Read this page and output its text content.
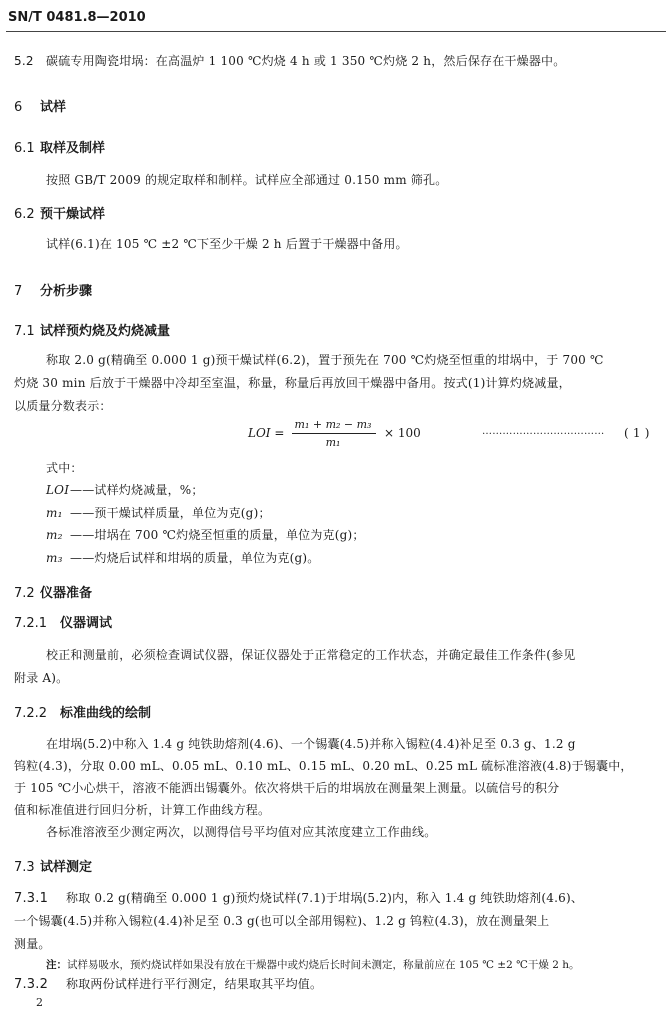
SN/T 0481.8—2010
5.2 碳硫专用陶瓷坩埚：在高温炉 1 100 ℃灼烧 4 h 或 1 350 ℃灼烧 2 h，然后保存在干燥器中。
6 试样
6.1 取样及制样
按照 GB/T 2009 的规定取样和制样。试样应全部通过 0.150 mm 筛孔。
6.2 预干燥试样
试样(6.1)在 105 ℃ ±2 ℃下至少干燥 2 h 后置于干燥器中备用。
7 分析步骤
7.1 试样预灼烧及灼烧减量
称取 2.0 g(精确至 0.000 1 g)预干燥试样(6.2)，置于预先在 700 ℃灼烧至恒重的坩埚中，于 700 ℃
灼烧 30 min 后放于干燥器中冷却至室温，称量，称量后再放回干燥器中备用。按式(1)计算灼烧减量，
以质量分数表示：
LOI =
m₁ + m₂ − m₃
m₁
× 100	……………………………… ( 1 )
式中：
LOI——试样灼烧减量，%；
m₁ ——预干燥试样质量，单位为克(g)；
m₂ ——坩埚在 700 ℃灼烧至恒重的质量，单位为克(g)；
m₃ ——灼烧后试样和坩埚的质量，单位为克(g)。
7.2 仪器准备
7.2.1 仪器调试
校正和测量前，必须检查调试仪器，保证仪器处于正常稳定的工作状态，并确定最佳工作条件(参见
附录 A)。
7.2.2 标准曲线的绘制
在坩埚(5.2)中称入 1.4 g 纯铁助熔剂(4.6)、一个锡囊(4.5)并称入锡粒(4.4)补足至 0.3 g、1.2 g
钨粒(4.3)，分取 0.00 mL、0.05 mL、0.10 mL、0.15 mL、0.20 mL、0.25 mL 硫标准溶液(4.8)于锡囊中，
于 105 ℃小心烘干，溶液不能洒出锡囊外。依次将烘干后的坩埚放在测量架上测量。以硫信号的积分
值和标准值进行回归分析，计算工作曲线方程。
各标准溶液至少测定两次，以测得信号平均值对应其浓度建立工作曲线。
7.3 试样测定
7.3.1 称取 0.2 g(精确至 0.000 1 g)预灼烧试样(7.1)于坩埚(5.2)内，称入 1.4 g 纯铁助熔剂(4.6)、
一个锡囊(4.5)并称入锡粒(4.4)补足至 0.3 g(也可以全部用锡粒)、1.2 g 钨粒(4.3)，放在测量架上
测量。
注：试样易吸水，预灼烧试样如果没有放在干燥器中或灼烧后长时间未测定，称量前应在 105 ℃ ±2 ℃干燥 2 h。
7.3.2 称取两份试样进行平行测定，结果取其平均值。
2
